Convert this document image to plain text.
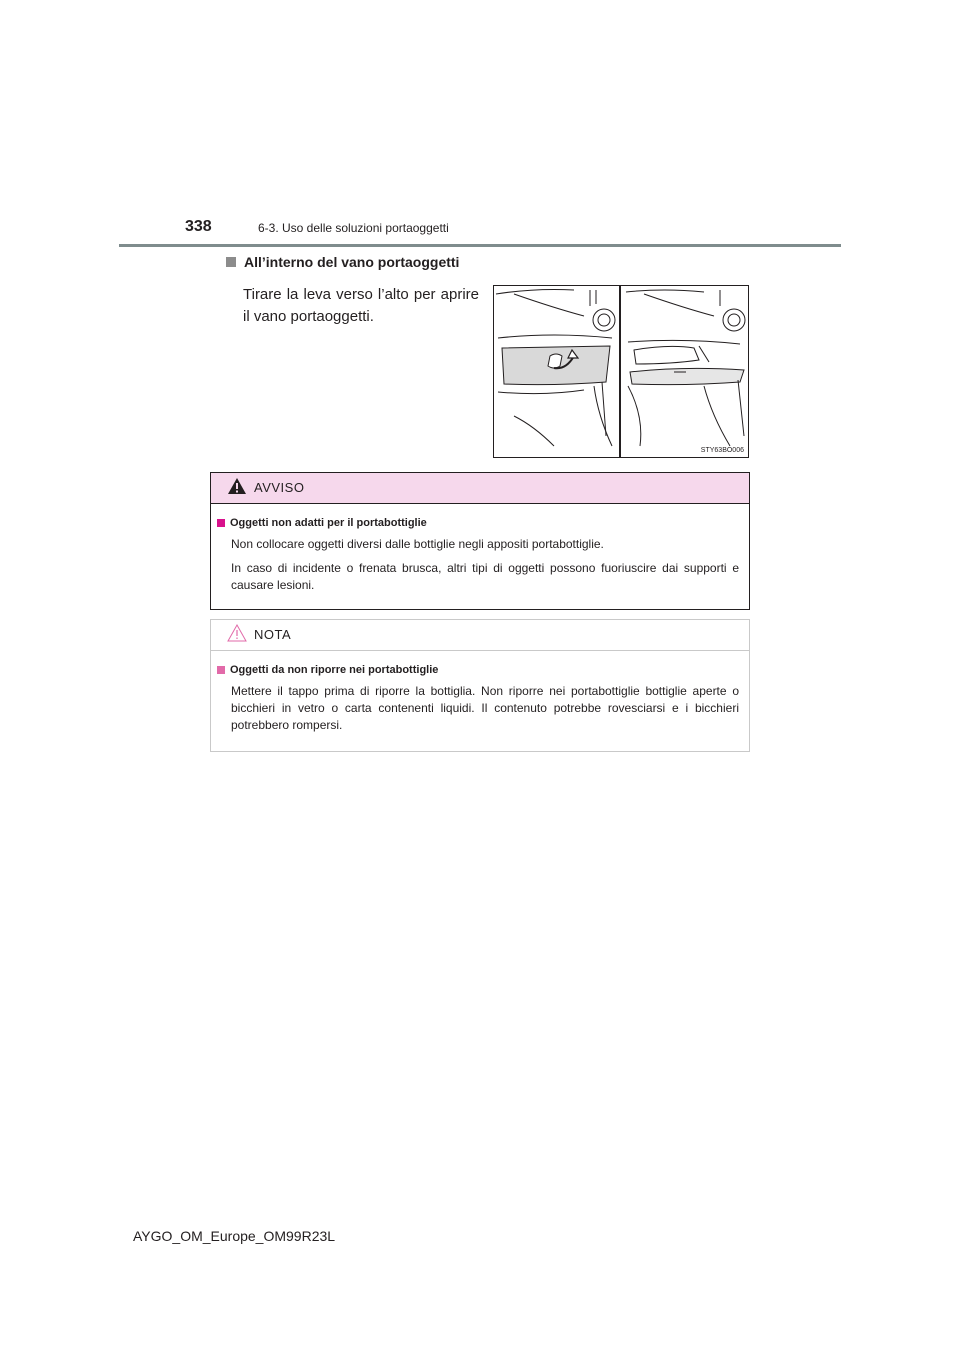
338	6-3. Uso delle soluzioni portaoggetti
All’interno del vano portaoggetti
Tirare la leva verso l’alto per aprire il vano portaoggetti.
STY63BO006
AVVISO
Oggetti non adatti per il portabottiglie
Non collocare oggetti diversi dalle bottiglie negli appositi portabottiglie.
In caso di incidente o frenata brusca, altri tipi di oggetti possono fuoriuscire dai supporti e causare lesioni.
NOTA
Oggetti da non riporre nei portabottiglie
Mettere il tappo prima di riporre la bottiglia. Non riporre nei portabottiglie bottiglie aperte o bicchieri in vetro o carta contenenti liquidi. Il contenuto potrebbe rovesciarsi e i bicchieri potrebbero rompersi.
AYGO_OM_Europe_OM99R23L
